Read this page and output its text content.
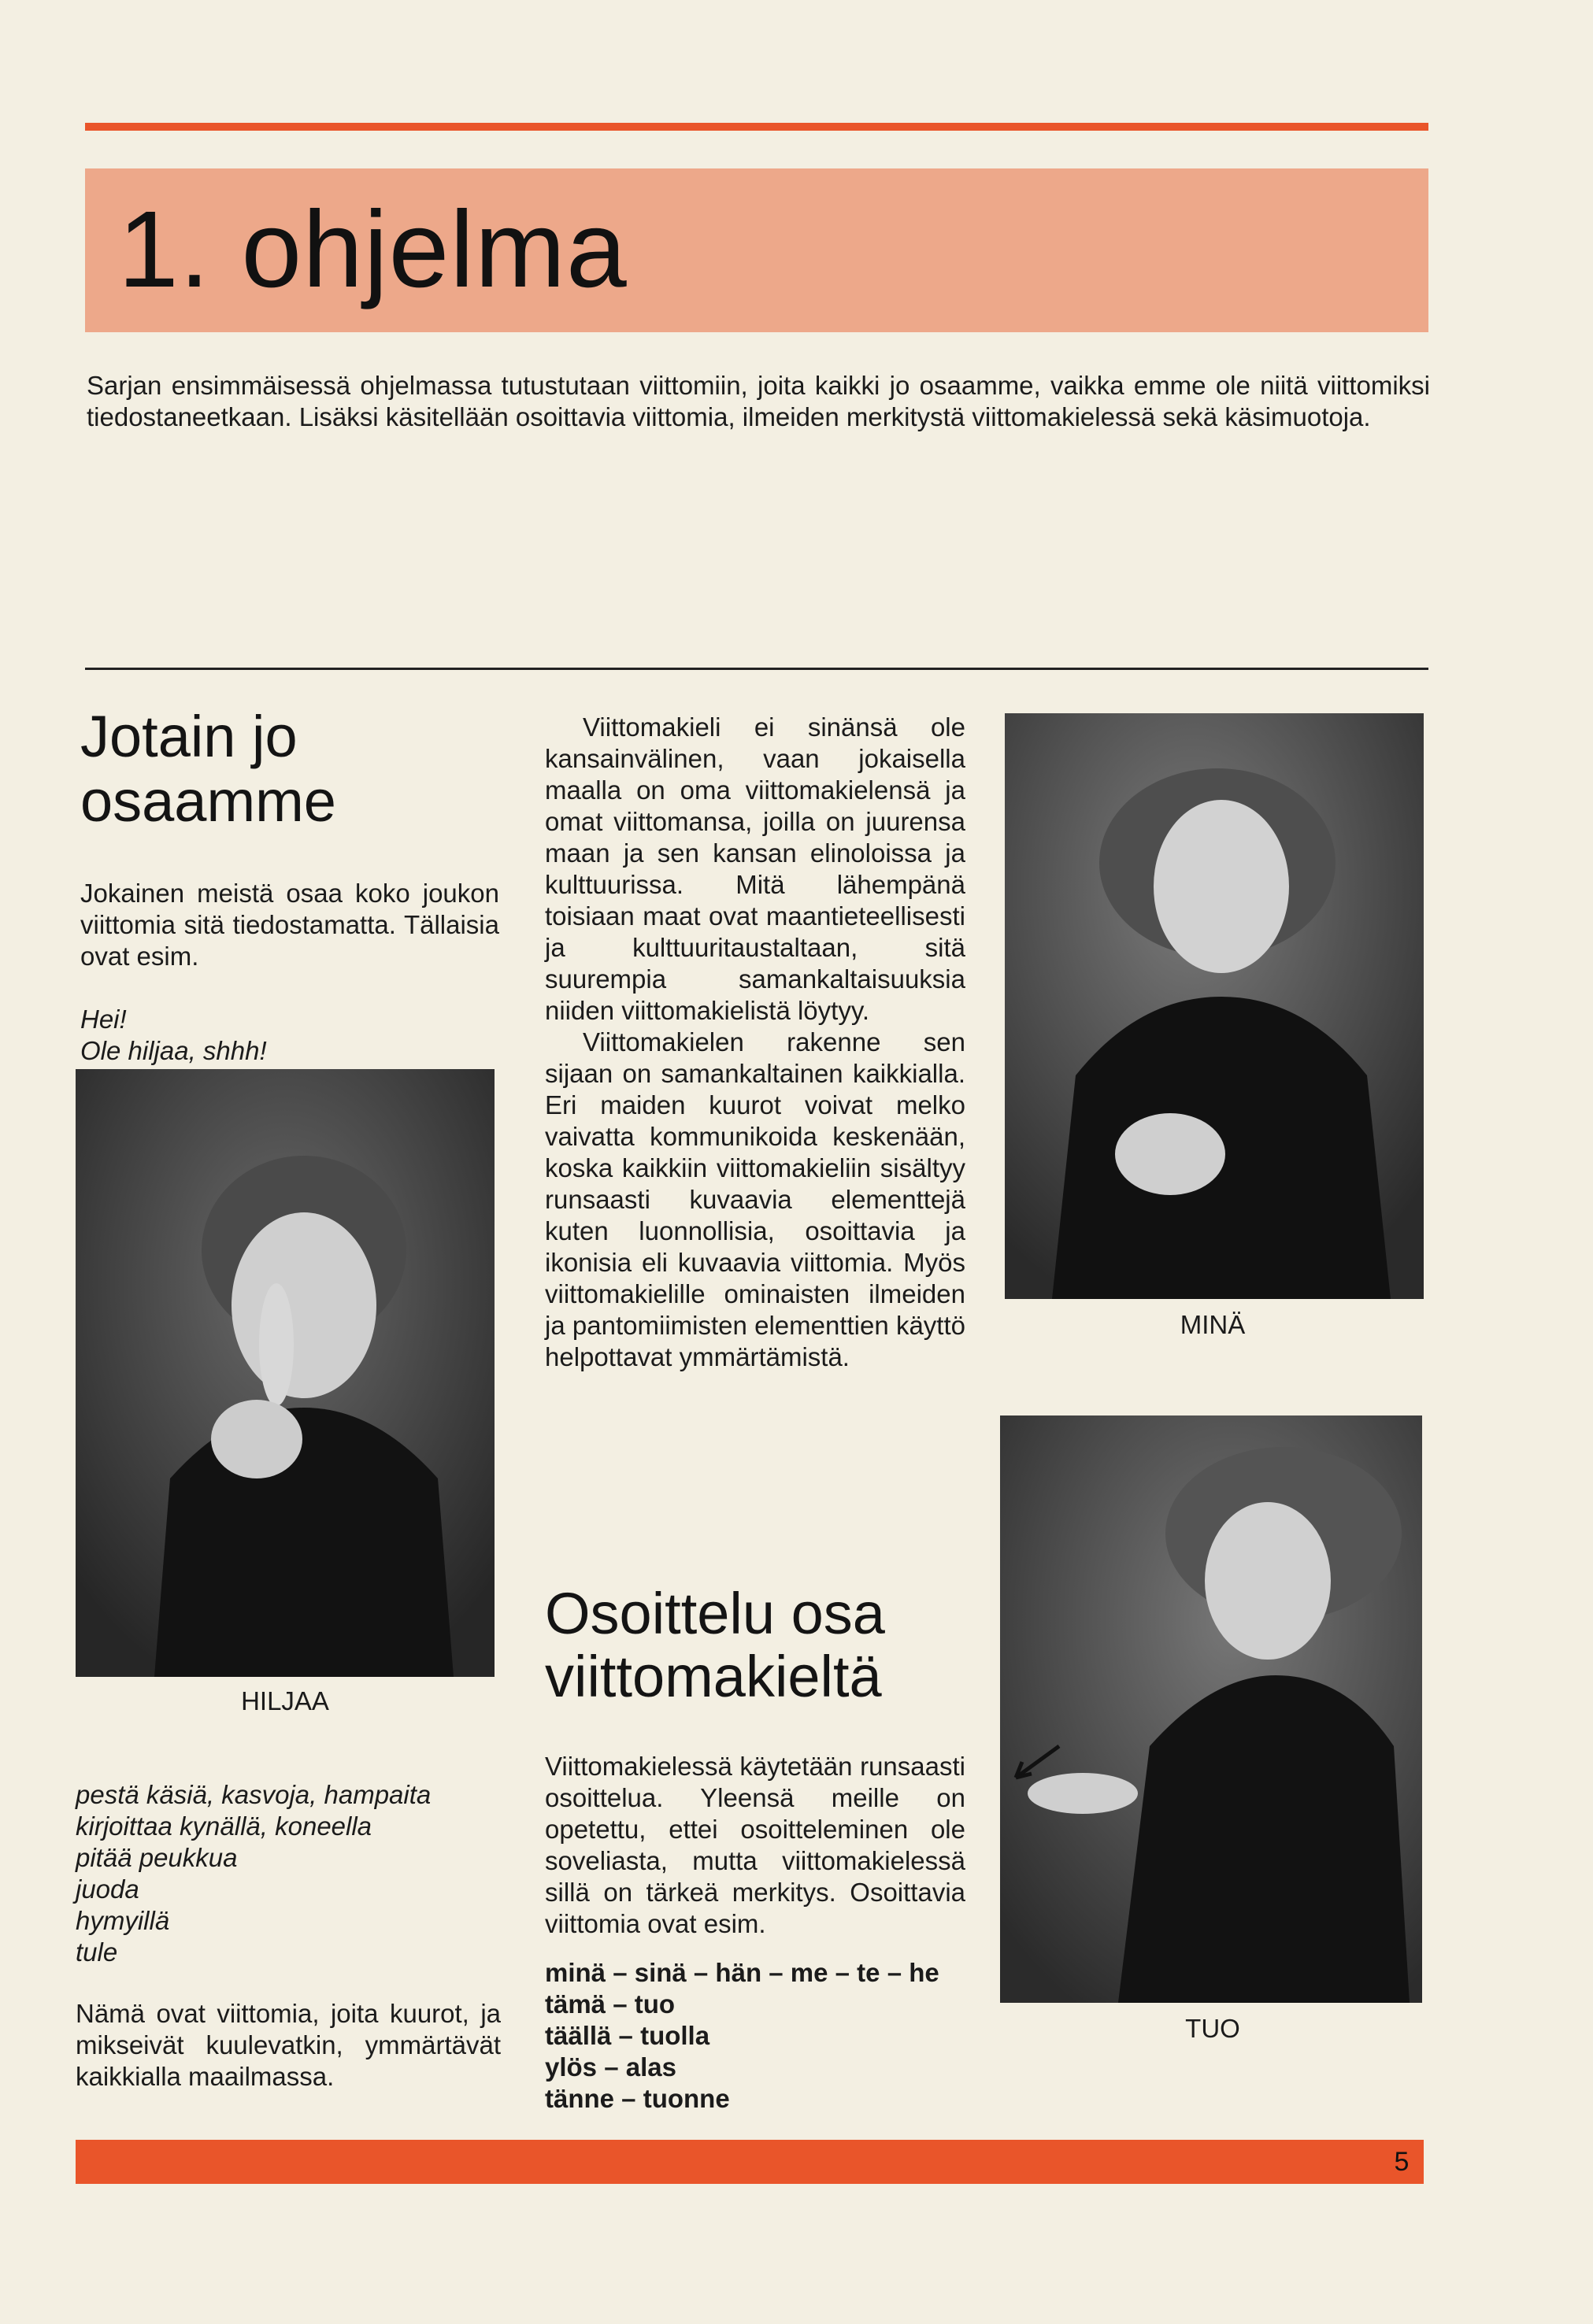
1. ohjelma

Sarjan ensimmäisessä ohjelmassa tutustutaan viittomiin, joita kaikki jo osaamme, vaikka emme ole niitä viittomiksi tiedostaneetkaan. Lisäksi käsitellään osoittavia viittomia, ilmeiden merkitystä viittomakielessä sekä käsimuotoja.

Jotain jo
osaamme

Jokainen meistä osaa koko joukon viittomia sitä tiedostamatta. Tällaisia ovat esim.

Hei!

Ole hiljaa, shhh!

HILJAA

pestä käsiä, kasvoja, hampaita

kirjoittaa kynällä, koneella

pitää peukkua

juoda

hymyillä

tule

Nämä ovat viittomia, joita kuurot, ja mikseivät kuulevatkin, ymmärtävät kaikkialla maailmassa.

Viittomakieli ei sinänsä ole kansainvälinen, vaan jokaisella maalla on oma viittomakielensä ja omat viittomansa, joilla on juurensa maan ja sen kansan elinoloissa ja kulttuurissa. Mitä lähempänä toisiaan maat ovat maantieteellisesti ja kulttuuritaustaltaan, sitä suurempia samankaltaisuuksia niiden viittomakielistä löytyy.

Viittomakielen rakenne sen sijaan on samankaltainen kaikkialla. Eri maiden kuurot voivat melko vaivatta kommunikoida keskenään, koska kaikkiin viittomakieliin sisältyy runsaasti kuvaavia elementtejä kuten luonnollisia, osoittavia ja ikonisia eli kuvaavia viittomia. Myös viittomakielille ominaisten ilmeiden ja pantomiimisten elementtien käyttö helpottavat ymmärtämistä.

Osoittelu osa
viittomakieltä

Viittomakielessä käytetään runsaasti osoittelua. Yleensä meille on opetettu, ettei osoitteleminen ole soveliasta, mutta viittomakielessä sillä on tärkeä merkitys. Osoittavia viittomia ovat esim.

minä – sinä – hän – me – te – he

tämä – tuo

täällä – tuolla

ylös – alas

tänne – tuonne

MINÄ
TUO
5
